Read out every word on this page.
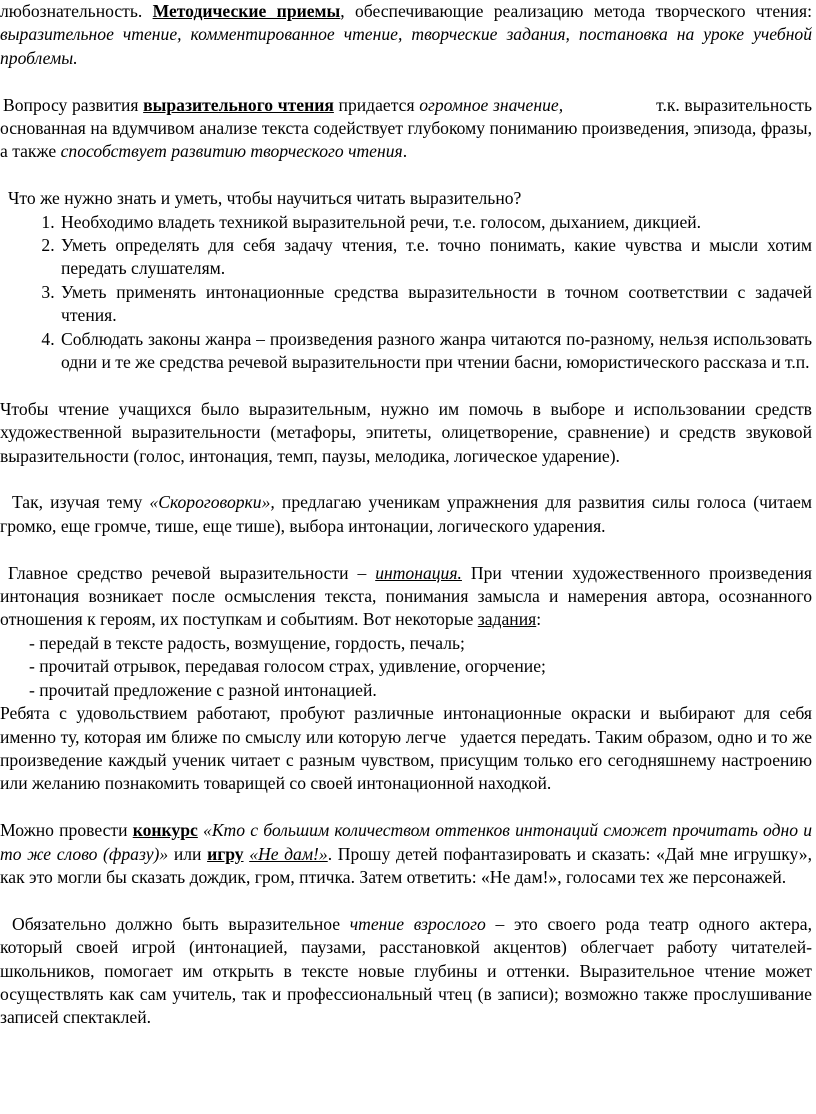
любознательность. Методические приемы, обеспечивающие реализацию метода творческого чтения: выразительное чтение, комментированное чтение, творческие задания, постановка на уроке учебной проблемы.

Вопросу развития выразительного чтения придается огромное значение,                    т.к. выразительность основанная на вдумчивом анализе текста содействует глубокому пониманию произведения, эпизода, фразы, а также способствует развитию творческого чтения.

Что же нужно знать и уметь, чтобы научиться читать выразительно?

1. Необходимо владеть техникой выразительной речи, т.е. голосом, дыханием, дикцией.
2. Уметь определять для себя задачу чтения, т.е. точно понимать, какие чувства и мысли хотим передать слушателям.
3. Уметь применять интонационные средства выразительности в точном соответствии с задачей чтения.
4. Соблюдать законы жанра – произведения разного жанра читаются по-разному, нельзя использовать одни и те же средства речевой выразительности при чтении басни, юмористического рассказа и т.п.

Чтобы чтение учащихся было выразительным, нужно им помочь в выборе и использовании средств художественной выразительности (метафоры, эпитеты, олицетворение, сравнение) и средств звуковой выразительности (голос, интонация, темп, паузы, мелодика, логическое ударение).

Так, изучая тему «Скороговорки», предлагаю ученикам упражнения для развития силы голоса (читаем громко, еще громче, тише, еще тише), выбора интонации, логического ударения.

Главное средство речевой выразительности – интонация. При чтении художественного произведения интонация возникает после осмысления текста, понимания замысла и намерения автора, осознанного отношения к героям, их поступкам и событиям. Вот некоторые задания:

- передай в тексте радость, возмущение, гордость, печаль;
- прочитай отрывок, передавая голосом страх, удивление, огорчение;
- прочитай предложение с разной интонацией.

Ребята с удовольствием работают, пробуют различные интонационные окраски и выбирают для себя именно ту, которая им ближе по смыслу или которую легче   удается передать. Таким образом, одно и то же произведение каждый ученик читает с разным чувством, присущим только его сегодняшнему настроению или желанию познакомить товарищей со своей интонационной находкой.

Можно провести конкурс «Кто с большим количеством оттенков интонаций сможет прочитать одно и то же слово (фразу)» или игру «Не дам!». Прошу детей пофантазировать и сказать: «Дай мне игрушку», как это могли бы сказать дождик, гром, птичка. Затем ответить: «Не дам!», голосами тех же персонажей.

Обязательно должно быть выразительное чтение взрослого – это своего рода театр одного актера, который своей игрой (интонацией, паузами, расстановкой акцентов) облегчает работу читателей-школьников, помогает им открыть в тексте новые глубины и оттенки. Выразительное чтение может осуществлять как сам учитель, так и профессиональный чтец (в записи); возможно также прослушивание записей спектаклей.
